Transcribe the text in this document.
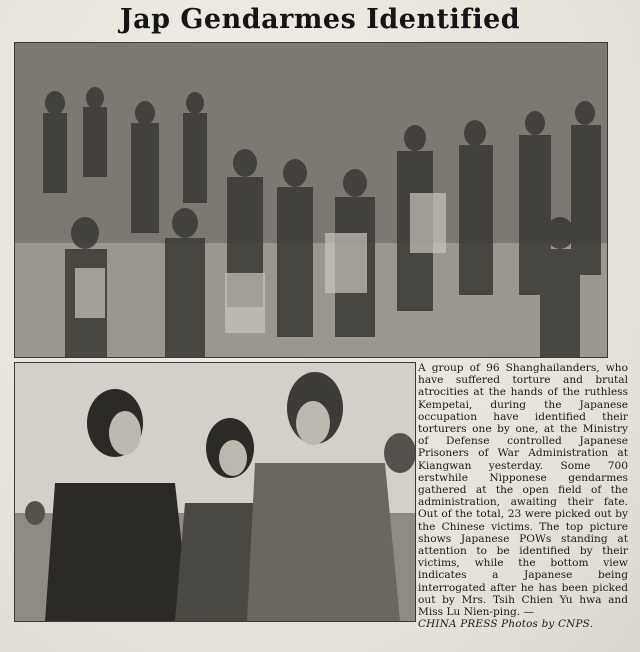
Jap Gendarmes Identified
A group of 96 Shanghailanders, who have suffered torture and brutal atrocities at the hands of the ruthless Kempetai, during the Japanese occupation have identified their torturers one by one, at the Ministry of Defense controlled Japanese Prisoners of War Administration at Kiangwan yesterday. Some 700 erstwhile Nipponese gendarmes gathered at the open field of the administration, awaiting their fate. Out of the total, 23 were picked out by the Chinese victims. The top picture shows Japanese POWs standing at attention to be identified by their victims, while the bottom view indicates a Japanese being interrogated after he has been picked out by Mrs. Tsih Chien Yu hwa and Miss Lu Nien-ping. —
CHINA PRESS Photos by CNPS.
